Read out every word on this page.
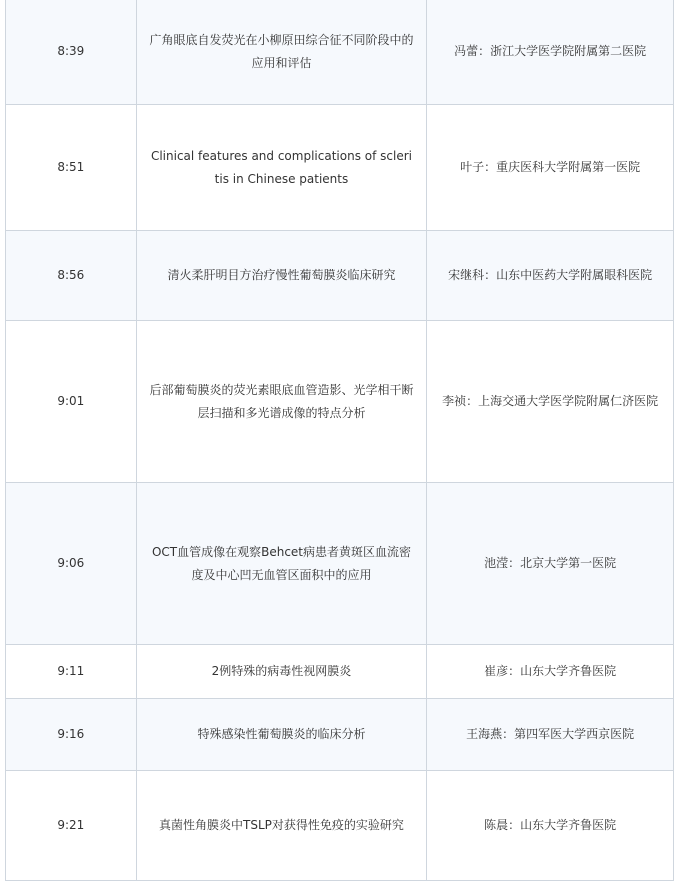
8:39	广角眼底自发荧光在小柳原田综合征不同阶段中的应用和评估	冯蕾：浙江大学医学院附属第二医院
8:51	Clinical features and complications of scleritis in Chinese patients	叶子：重庆医科大学附属第一医院
8:56	清火柔肝明目方治疗慢性葡萄膜炎临床研究	宋继科：山东中医药大学附属眼科医院
9:01	后部葡萄膜炎的荧光素眼底血管造影、光学相干断层扫描和多光谱成像的特点分析	李祯：上海交通大学医学院附属仁济医院
9:06	OCT血管成像在观察Behcet病患者黄斑区血流密度及中心凹无血管区面积中的应用	池滢：北京大学第一医院
9:11	2例特殊的病毒性视网膜炎	崔彦：山东大学齐鲁医院
9:16	特殊感染性葡萄膜炎的临床分析	王海燕：第四军医大学西京医院
9:21	真菌性角膜炎中TSLP对获得性免疫的实验研究	陈晨：山东大学齐鲁医院
